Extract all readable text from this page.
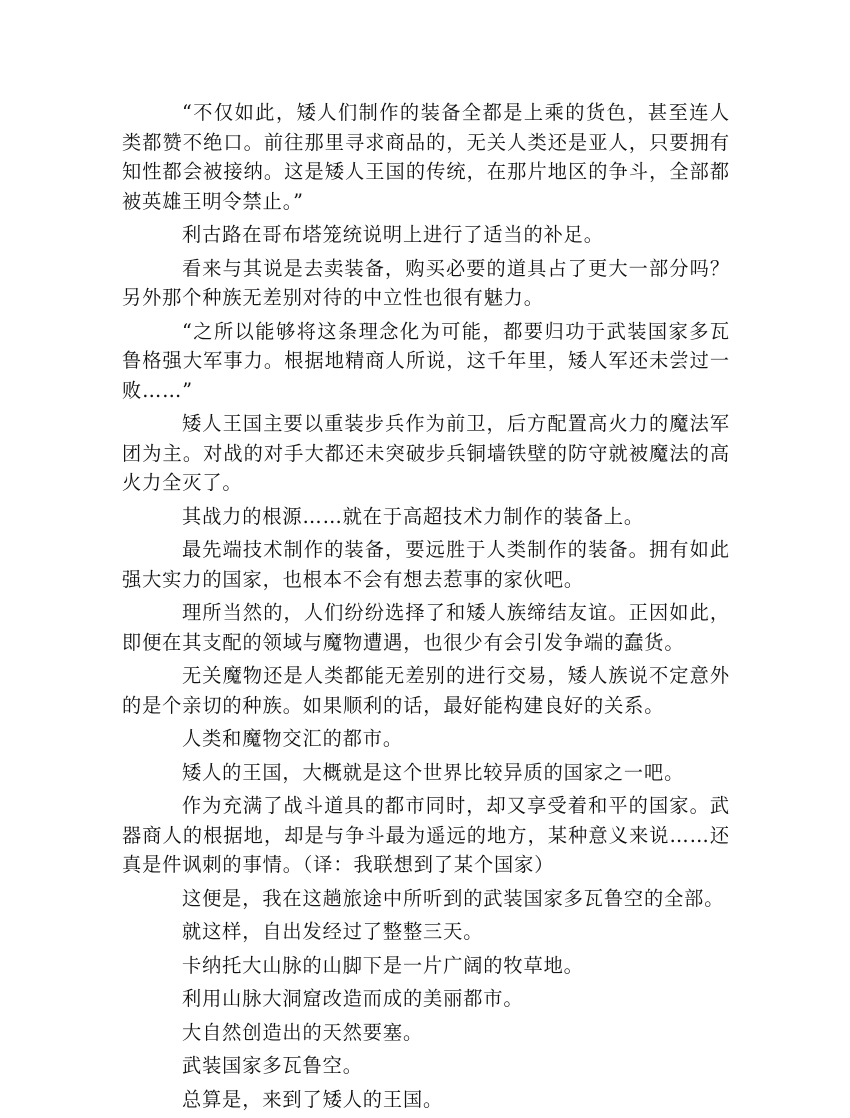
“不仅如此，矮人们制作的装备全都是上乘的货色，甚至连人类都赞不绝口。前往那里寻求商品的，无关人类还是亚人，只要拥有知性都会被接纳。这是矮人王国的传统，在那片地区的争斗，全部都被英雄王明令禁止。”

利古路在哥布塔笼统说明上进行了适当的补足。

看来与其说是去卖装备，购买必要的道具占了更大一部分吗？另外那个种族无差别对待的中立性也很有魅力。

“之所以能够将这条理念化为可能，都要归功于武装国家多瓦鲁格强大军事力。根据地精商人所说，这千年里，矮人军还未尝过一败……”

矮人王国主要以重装步兵作为前卫，后方配置高火力的魔法军团为主。对战的对手大都还未突破步兵铜墙铁壁的防守就被魔法的高火力全灭了。

其战力的根源……就在于高超技术力制作的装备上。

最先端技术制作的装备，要远胜于人类制作的装备。拥有如此强大实力的国家，也根本不会有想去惹事的家伙吧。

理所当然的，人们纷纷选择了和矮人族缔结友谊。正因如此，即便在其支配的领域与魔物遭遇，也很少有会引发争端的蠢货。

无关魔物还是人类都能无差别的进行交易，矮人族说不定意外的是个亲切的种族。如果顺利的话，最好能构建良好的关系。

人类和魔物交汇的都市。

矮人的王国，大概就是这个世界比较异质的国家之一吧。

作为充满了战斗道具的都市同时，却又享受着和平的国家。武器商人的根据地，却是与争斗最为遥远的地方，某种意义来说……还真是件讽刺的事情。（译：我联想到了某个国家）

这便是，我在这趟旅途中所听到的武装国家多瓦鲁空的全部。

就这样，自出发经过了整整三天。

卡纳托大山脉的山脚下是一片广阔的牧草地。

利用山脉大洞窟改造而成的美丽都市。

大自然创造出的天然要塞。

武装国家多瓦鲁空。

总算是，来到了矮人的王国。
